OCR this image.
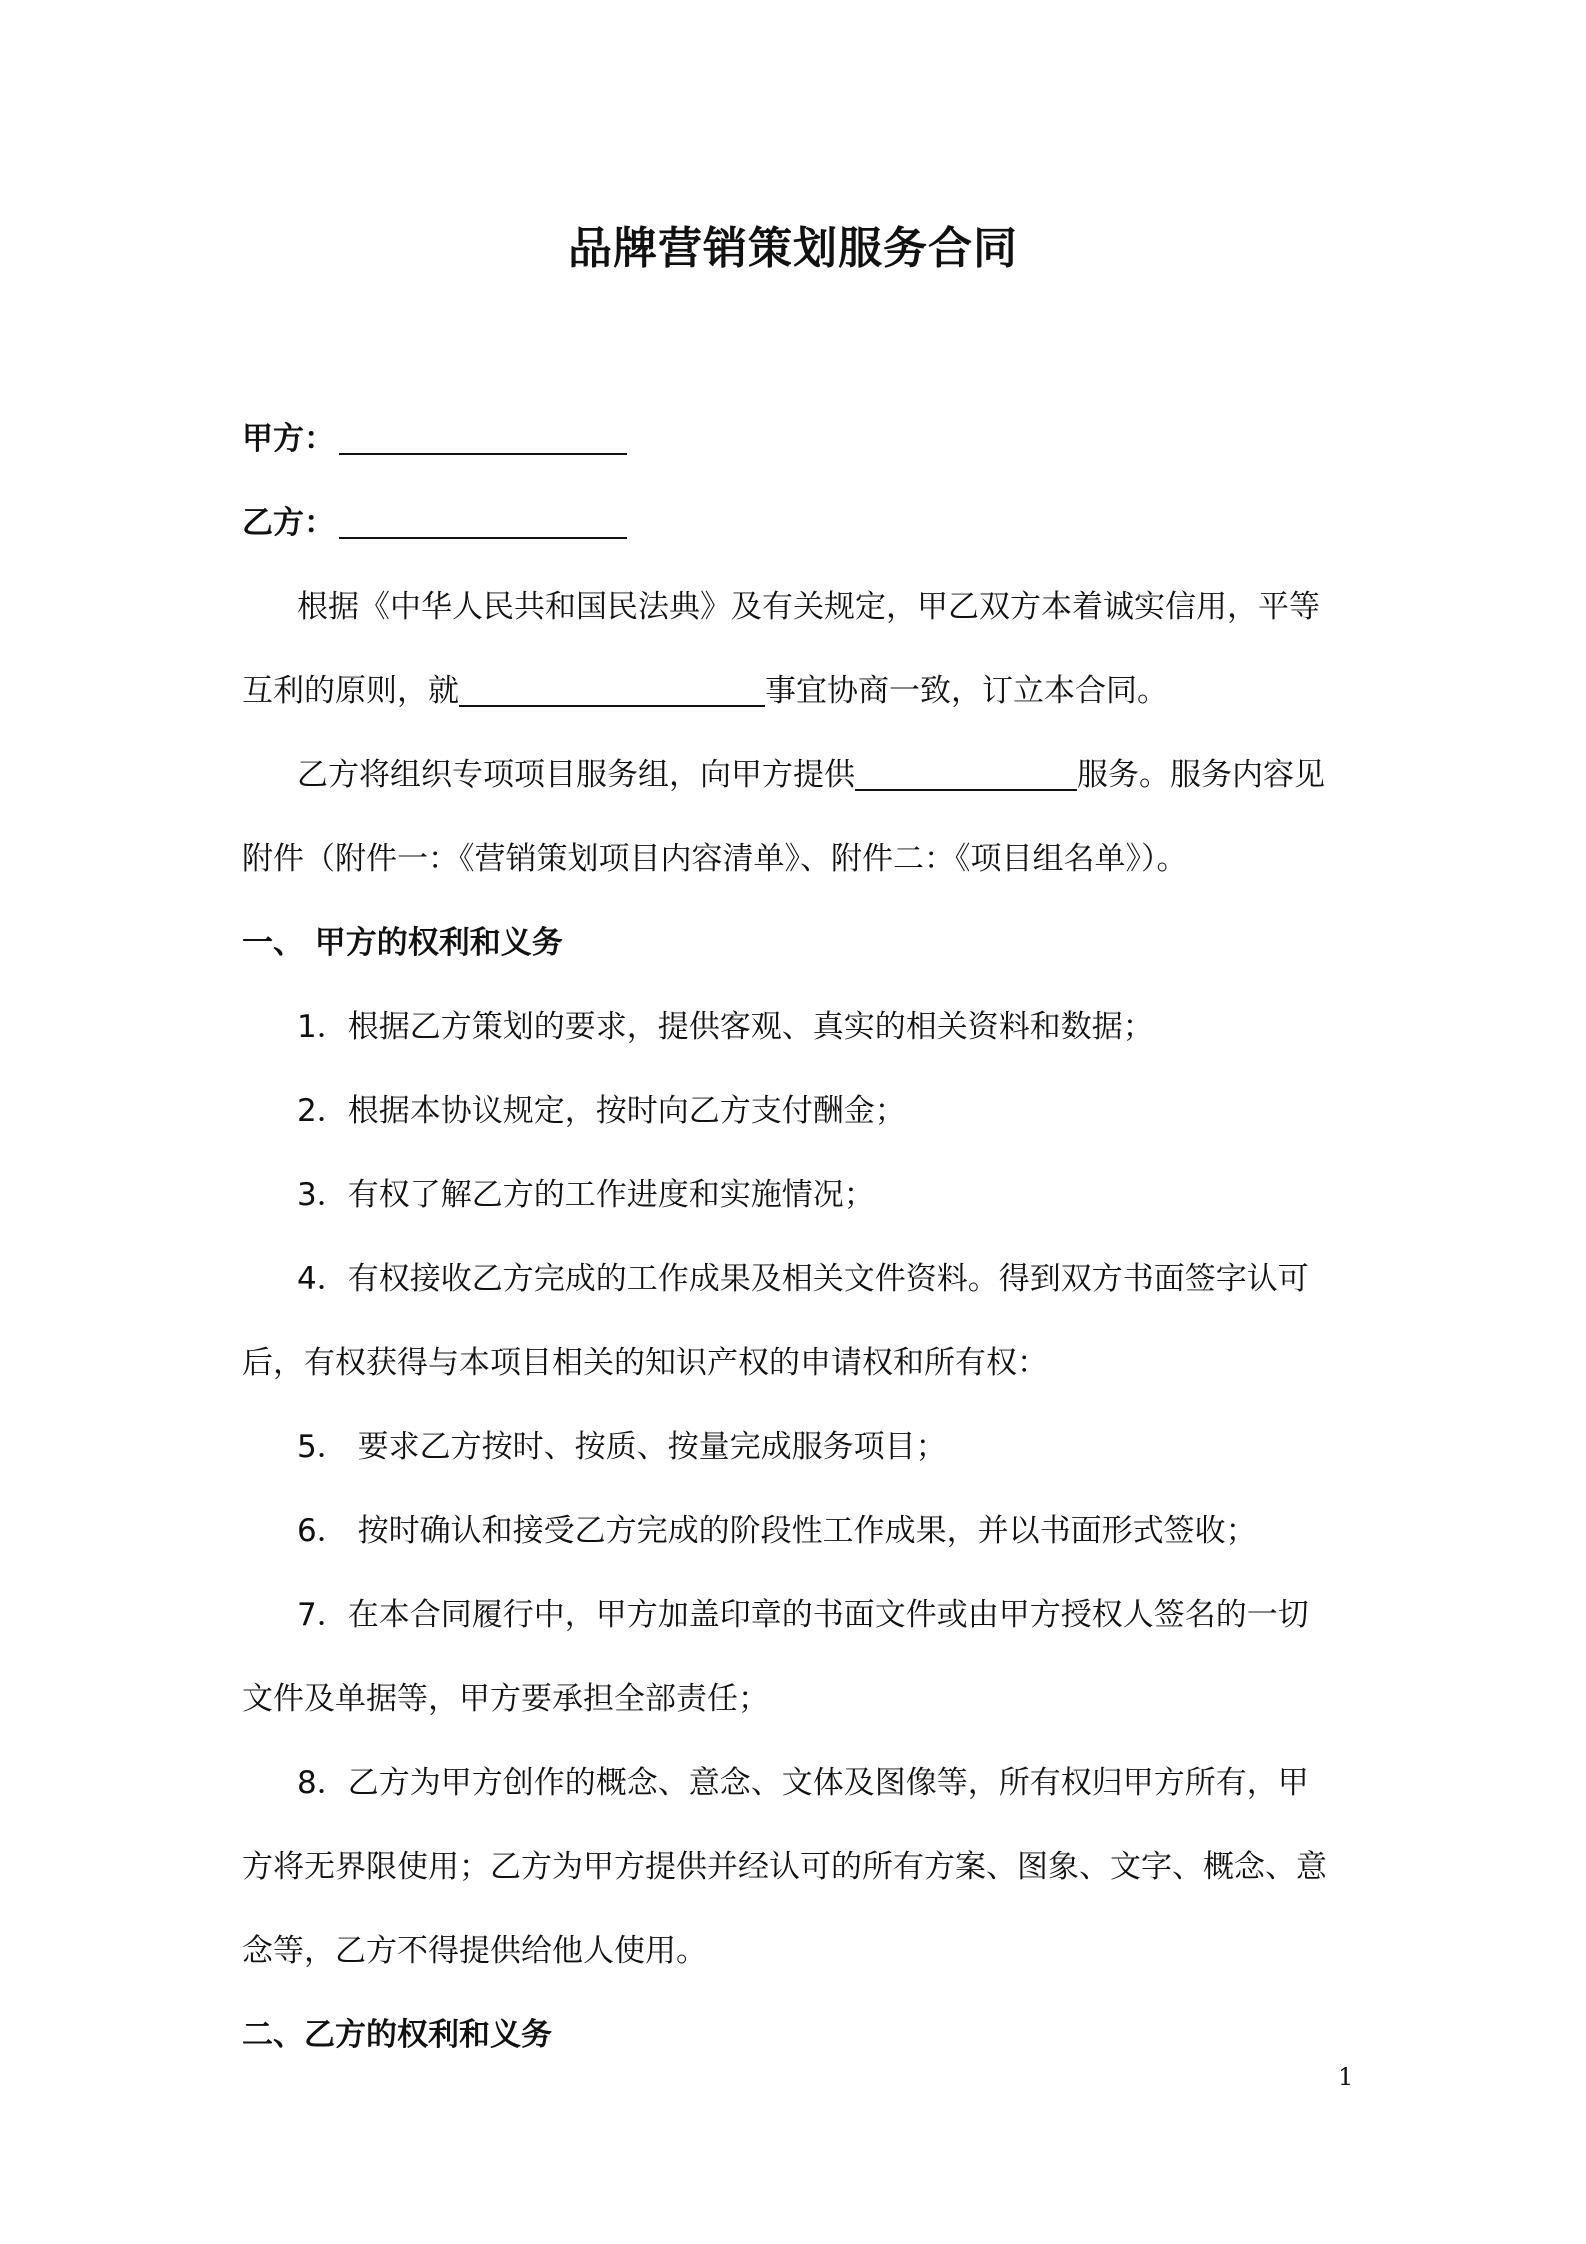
品牌营销策划服务合同
甲方：
乙方：
根据《中华人民共和国民法典》及有关规定，甲乙双方本着诚实信用，平等
互利的原则，就	事宜协商一致，订立本合同。
乙方将组织专项项目服务组，向甲方提供	服务。服务内容见
附件（附件一：《营销策划项目内容清单》、附件二：《项目组名单》）。
一、 甲方的权利和义务
1．根据乙方策划的要求，提供客观、真实的相关资料和数据；
2．根据本协议规定，按时向乙方支付酬金；
3．有权了解乙方的工作进度和实施情况；
4．有权接收乙方完成的工作成果及相关文件资料。得到双方书面签字认可
后，有权获得与本项目相关的知识产权的申请权和所有权：
5． 要求乙方按时、按质、按量完成服务项目；
6． 按时确认和接受乙方完成的阶段性工作成果，并以书面形式签收；
7．在本合同履行中，甲方加盖印章的书面文件或由甲方授权人签名的一切
文件及单据等，甲方要承担全部责任；
8．乙方为甲方创作的概念、意念、文体及图像等，所有权归甲方所有，甲
方将无界限使用；乙方为甲方提供并经认可的所有方案、图象、文字、概念、意
念等，乙方不得提供给他人使用。
二、乙方的权利和义务
1
